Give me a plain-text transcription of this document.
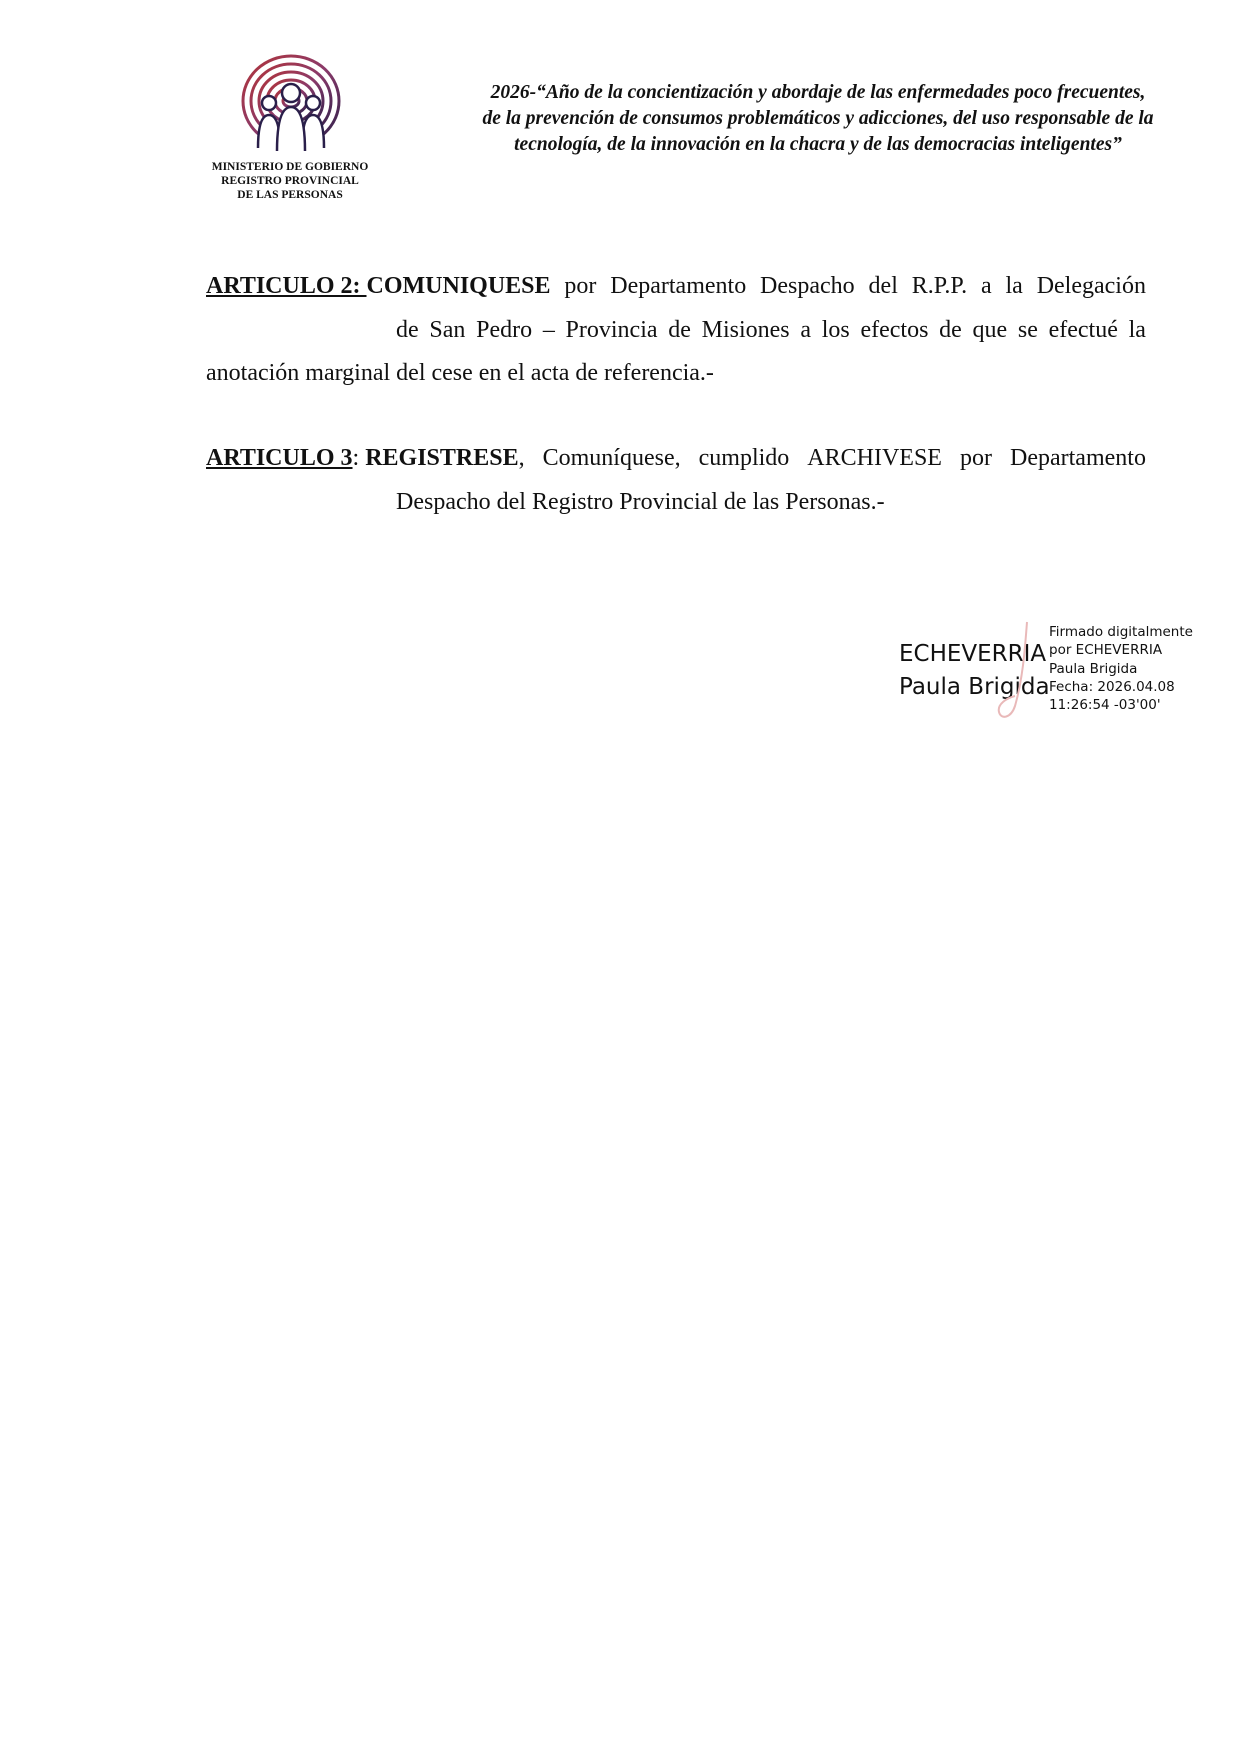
MINISTERIO DE GOBIERNO
REGISTRO PROVINCIAL
DE LAS PERSONAS
2026-“Año de la concientización y abordaje de las enfermedades poco frecuentes,
de la prevención de consumos problemáticos y adicciones, del uso responsable de la
tecnología, de la innovación en la chacra y de las democracias inteligentes”
ARTICULO 2: COMUNIQUESE por Departamento Despacho del R.P.P. a la Delegación
de San Pedro – Provincia de Misiones a los efectos de que se efectué la
anotación marginal del cese en el acta de referencia.-
ARTICULO 3: REGISTRESE, Comuníquese, cumplido ARCHIVESE por Departamento
Despacho del Registro Provincial de las Personas.-
ECHEVERRIA
Paula Brigida
Firmado digitalmente
por ECHEVERRIA
Paula Brigida
Fecha: 2026.04.08
11:26:54 -03'00'
